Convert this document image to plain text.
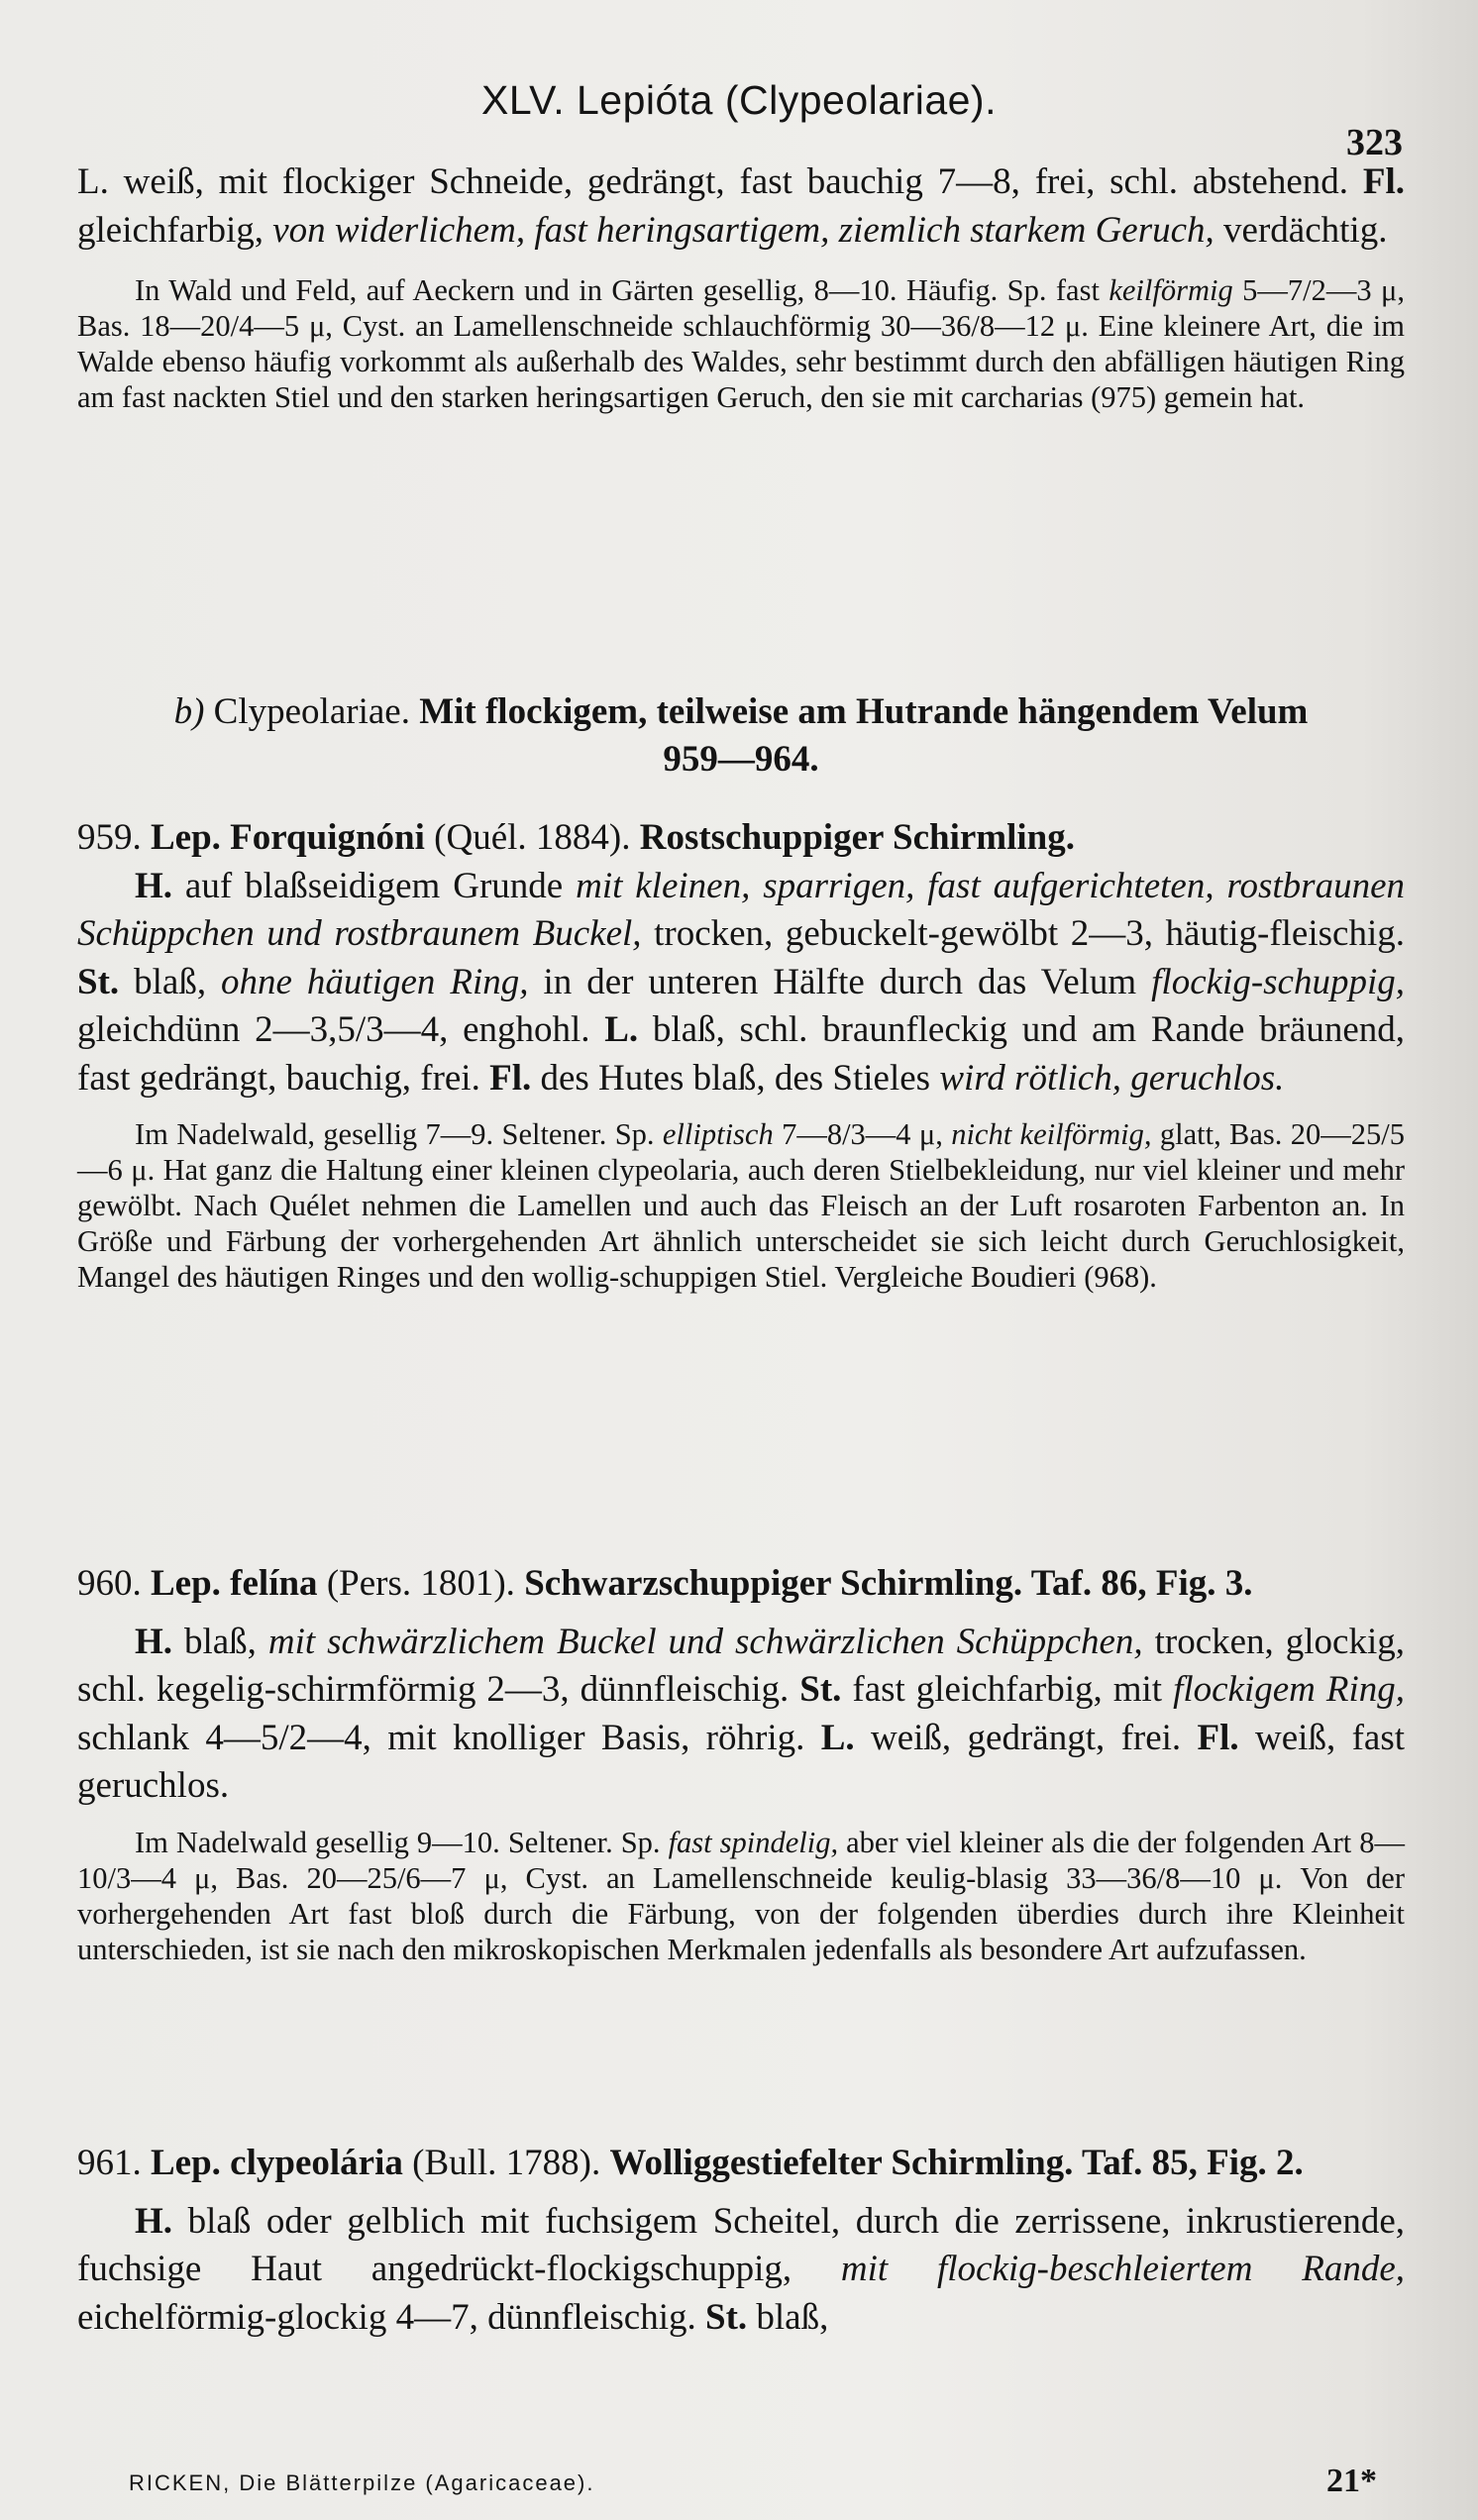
XLV. Lepióta (Clypeolariae).
323

L. weiß, mit flockiger Schneide, gedrängt, fast bauchig 7—8, frei, schl. abstehend. Fl. gleichfarbig, von widerlichem, fast heringsartigem, ziemlich starkem Geruch, verdächtig.

In Wald und Feld, auf Aeckern und in Gärten gesellig, 8—10. Häufig. Sp. fast keilförmig 5—7/2—3 μ, Bas. 18—20/4—5 μ, Cyst. an Lamellenschneide schlauchförmig 30—36/8—12 μ. Eine kleinere Art, die im Walde ebenso häufig vorkommt als außerhalb des Waldes, sehr bestimmt durch den abfälligen häutigen Ring am fast nackten Stiel und den starken heringsartigen Geruch, den sie mit carcharias (975) gemein hat.

b) Clypeolariae. Mit flockigem, teilweise am Hutrande hängendem Velum
959—964.

959. Lep. Forquignóni (Quél. 1884). Rostschuppiger Schirmling.

H. auf blaßseidigem Grunde mit kleinen, sparrigen, fast aufgerichteten, rostbraunen Schüppchen und rostbraunem Buckel, trocken, gebuckelt-gewölbt 2—3, häutig-fleischig. St. blaß, ohne häutigen Ring, in der unteren Hälfte durch das Velum flockig-schuppig, gleichdünn 2—3,5/3—4, enghohl. L. blaß, schl. braunfleckig und am Rande bräunend, fast gedrängt, bauchig, frei. Fl. des Hutes blaß, des Stieles wird rötlich, geruchlos.

Im Nadelwald, gesellig 7—9. Seltener. Sp. elliptisch 7—8/3—4 μ, nicht keilförmig, glatt, Bas. 20—25/5—6 μ. Hat ganz die Haltung einer kleinen clypeolaria, auch deren Stielbekleidung, nur viel kleiner und mehr gewölbt. Nach Quélet nehmen die Lamellen und auch das Fleisch an der Luft rosaroten Farbenton an. In Größe und Färbung der vorhergehenden Art ähnlich unterscheidet sie sich leicht durch Geruchlosigkeit, Mangel des häutigen Ringes und den wollig-schuppigen Stiel. Vergleiche Boudieri (968).

960. Lep. felína (Pers. 1801). Schwarzschuppiger Schirmling. Taf. 86, Fig. 3.

H. blaß, mit schwärzlichem Buckel und schwärzlichen Schüppchen, trocken, glockig, schl. kegelig-schirmförmig 2—3, dünnfleischig. St. fast gleichfarbig, mit flockigem Ring, schlank 4—5/2—4, mit knolliger Basis, röhrig. L. weiß, gedrängt, frei. Fl. weiß, fast geruchlos.

Im Nadelwald gesellig 9—10. Seltener. Sp. fast spindelig, aber viel kleiner als die der folgenden Art 8—10/3—4 μ, Bas. 20—25/6—7 μ, Cyst. an Lamellenschneide keulig-blasig 33—36/8—10 μ. Von der vorhergehenden Art fast bloß durch die Färbung, von der folgenden überdies durch ihre Kleinheit unterschieden, ist sie nach den mikroskopischen Merkmalen jedenfalls als besondere Art aufzufassen.

961. Lep. clypeolária (Bull. 1788). Wolliggestiefelter Schirmling. Taf. 85, Fig. 2.

H. blaß oder gelblich mit fuchsigem Scheitel, durch die zerrissene, inkrustierende, fuchsige Haut angedrückt-flockigschuppig, mit flockig-beschleiertem Rande, eichelförmig-glockig 4—7, dünnfleischig. St. blaß,

RICKEN, Die Blätterpilze (Agaricaceae).	21*
